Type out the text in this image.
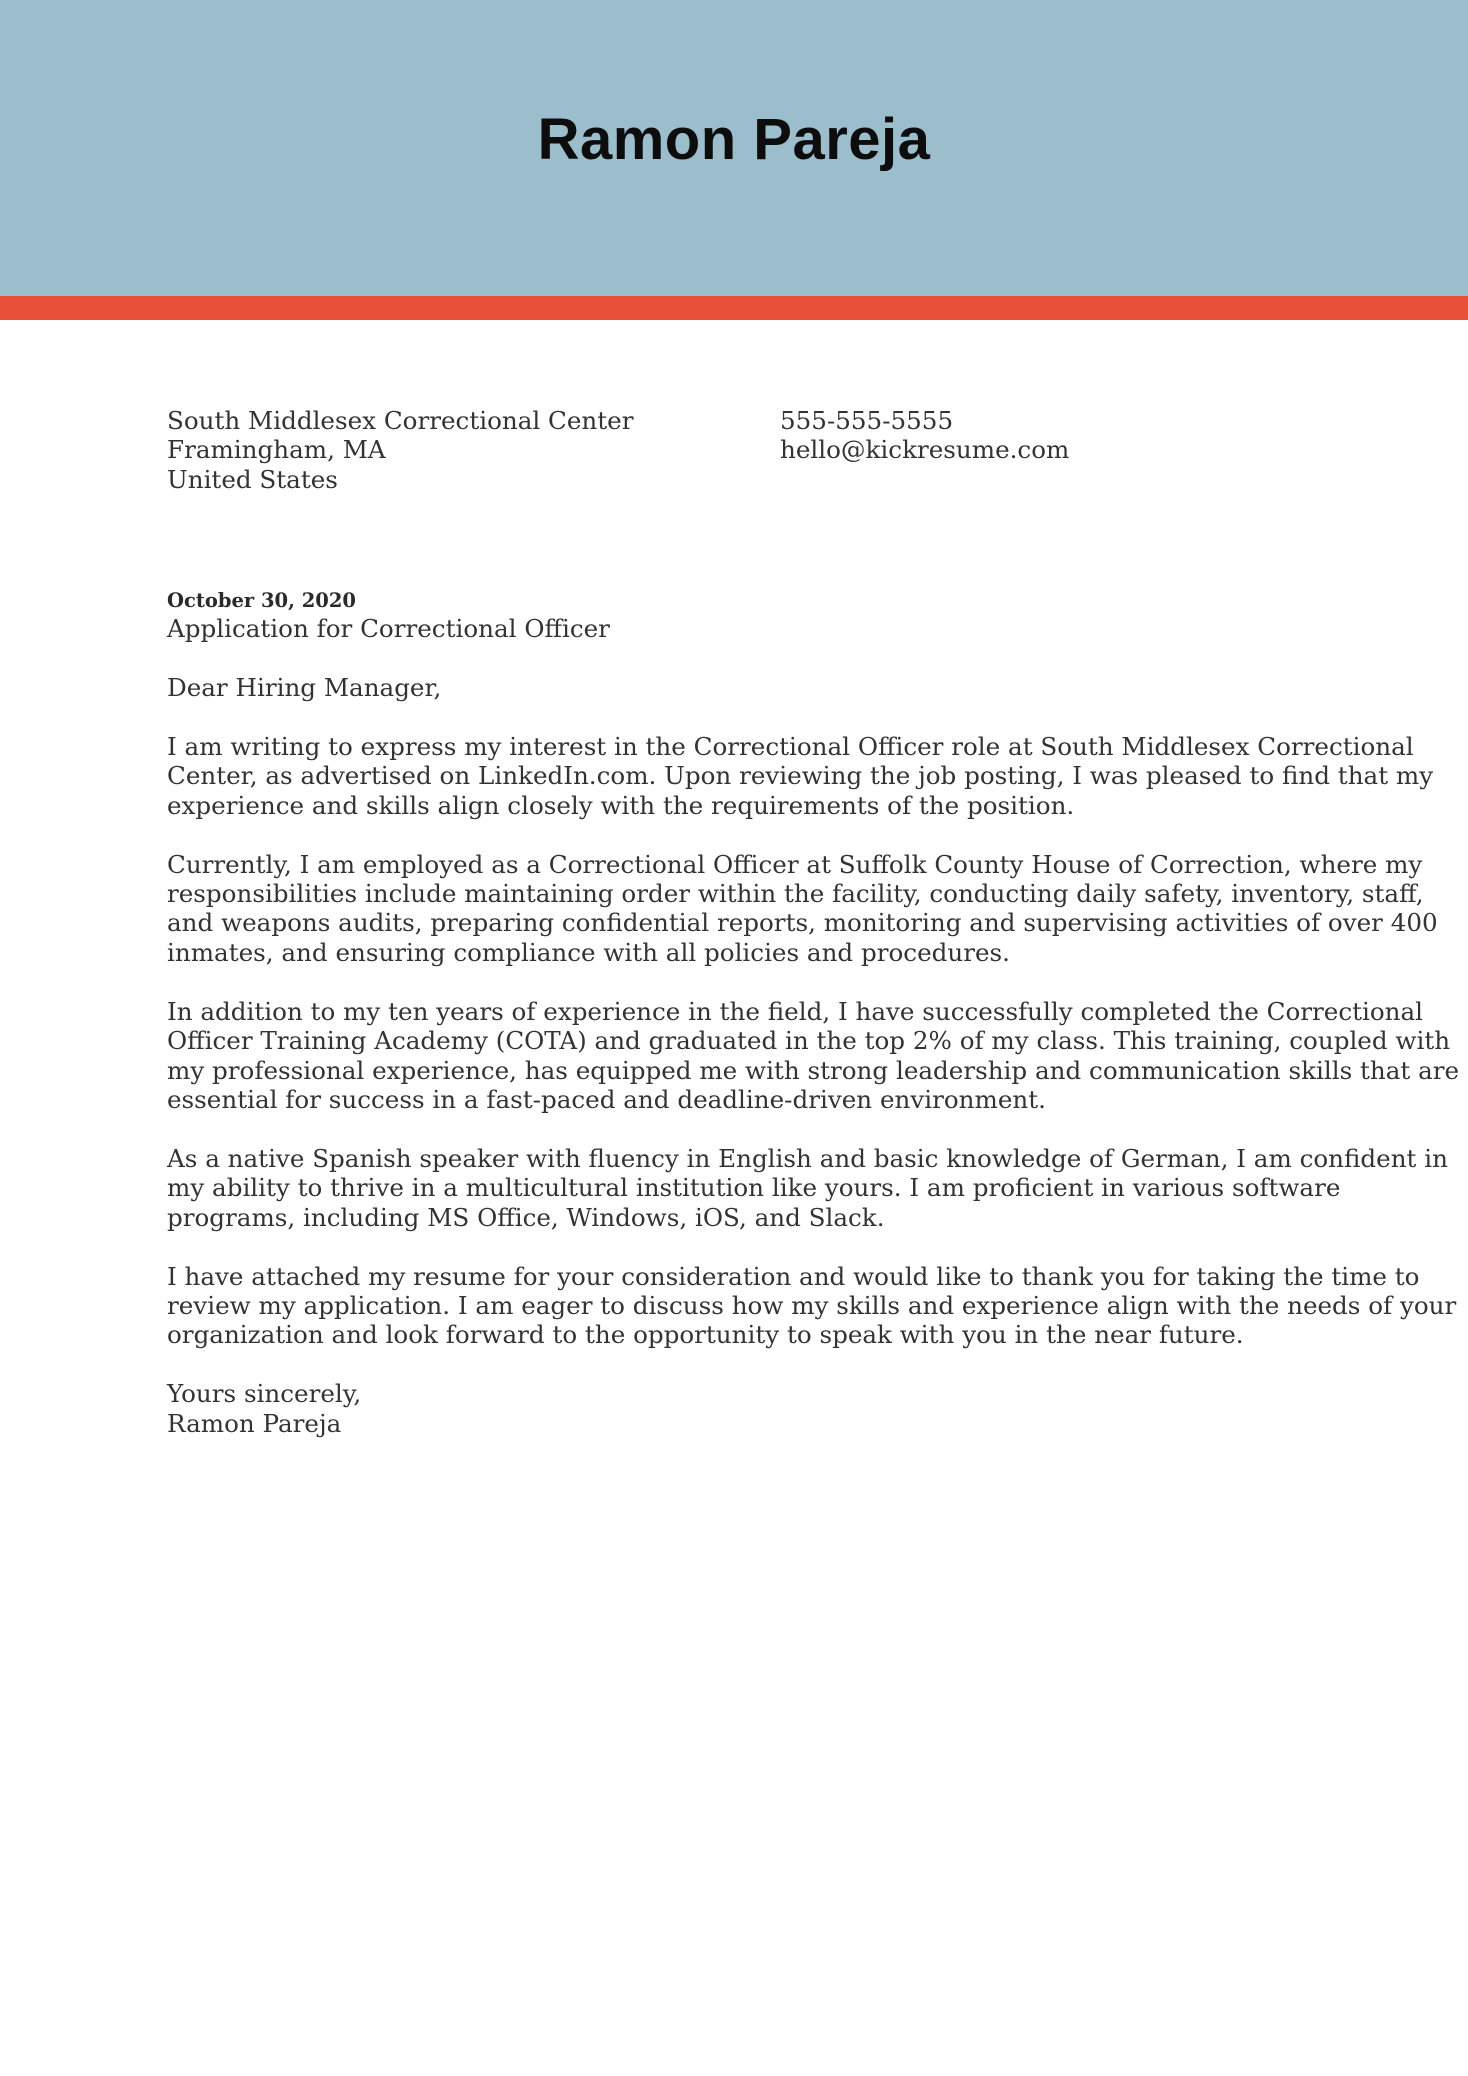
Ramon Pareja
South Middlesex Correctional Center
Framingham, MA
United States
555-555-5555
hello@kickresume.com
October 30, 2020
Application for Correctional Officer
Dear Hiring Manager,
I am writing to express my interest in the Correctional Officer role at South Middlesex Correctional
Center, as advertised on LinkedIn.com. Upon reviewing the job posting, I was pleased to find that my
experience and skills align closely with the requirements of the position.
Currently, I am employed as a Correctional Officer at Suffolk County House of Correction, where my
responsibilities include maintaining order within the facility, conducting daily safety, inventory, staff,
and weapons audits, preparing confidential reports, monitoring and supervising activities of over 400
inmates, and ensuring compliance with all policies and procedures.
In addition to my ten years of experience in the field, I have successfully completed the Correctional
Officer Training Academy (COTA) and graduated in the top 2% of my class. This training, coupled with
my professional experience, has equipped me with strong leadership and communication skills that are
essential for success in a fast-paced and deadline-driven environment.
As a native Spanish speaker with fluency in English and basic knowledge of German, I am confident in
my ability to thrive in a multicultural institution like yours. I am proficient in various software
programs, including MS Office, Windows, iOS, and Slack.
I have attached my resume for your consideration and would like to thank you for taking the time to
review my application. I am eager to discuss how my skills and experience align with the needs of your
organization and look forward to the opportunity to speak with you in the near future.
Yours sincerely,
Ramon Pareja
